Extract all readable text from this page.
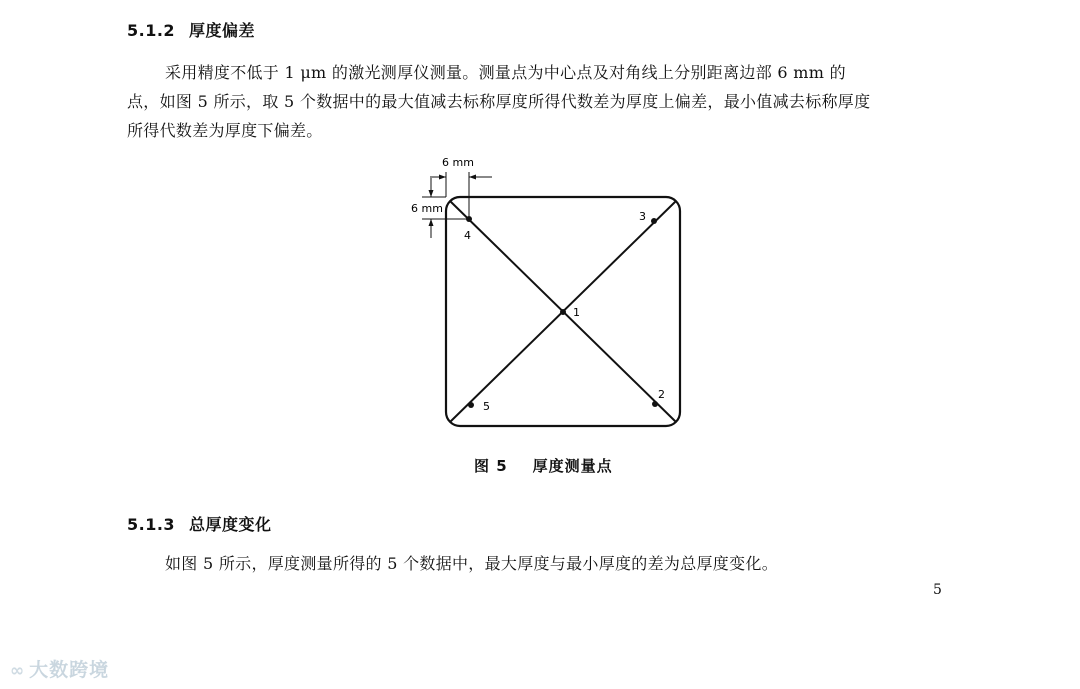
5.1.2 厚度偏差
采用精度不低于 1 μm 的激光测厚仪测量。测量点为中心点及对角线上分别距离边部 6 mm 的
点，如图 5 所示，取 5 个数据中的最大值减去标称厚度所得代数差为厚度上偏差，最小值减去标称厚度
所得代数差为厚度下偏差。
6 mm
6 mm
1
2
3
4
5
图 5 厚度测量点
5.1.3 总厚度变化
如图 5 所示，厚度测量所得的 5 个数据中，最大厚度与最小厚度的差为总厚度变化。
5
∞ 大数跨境
